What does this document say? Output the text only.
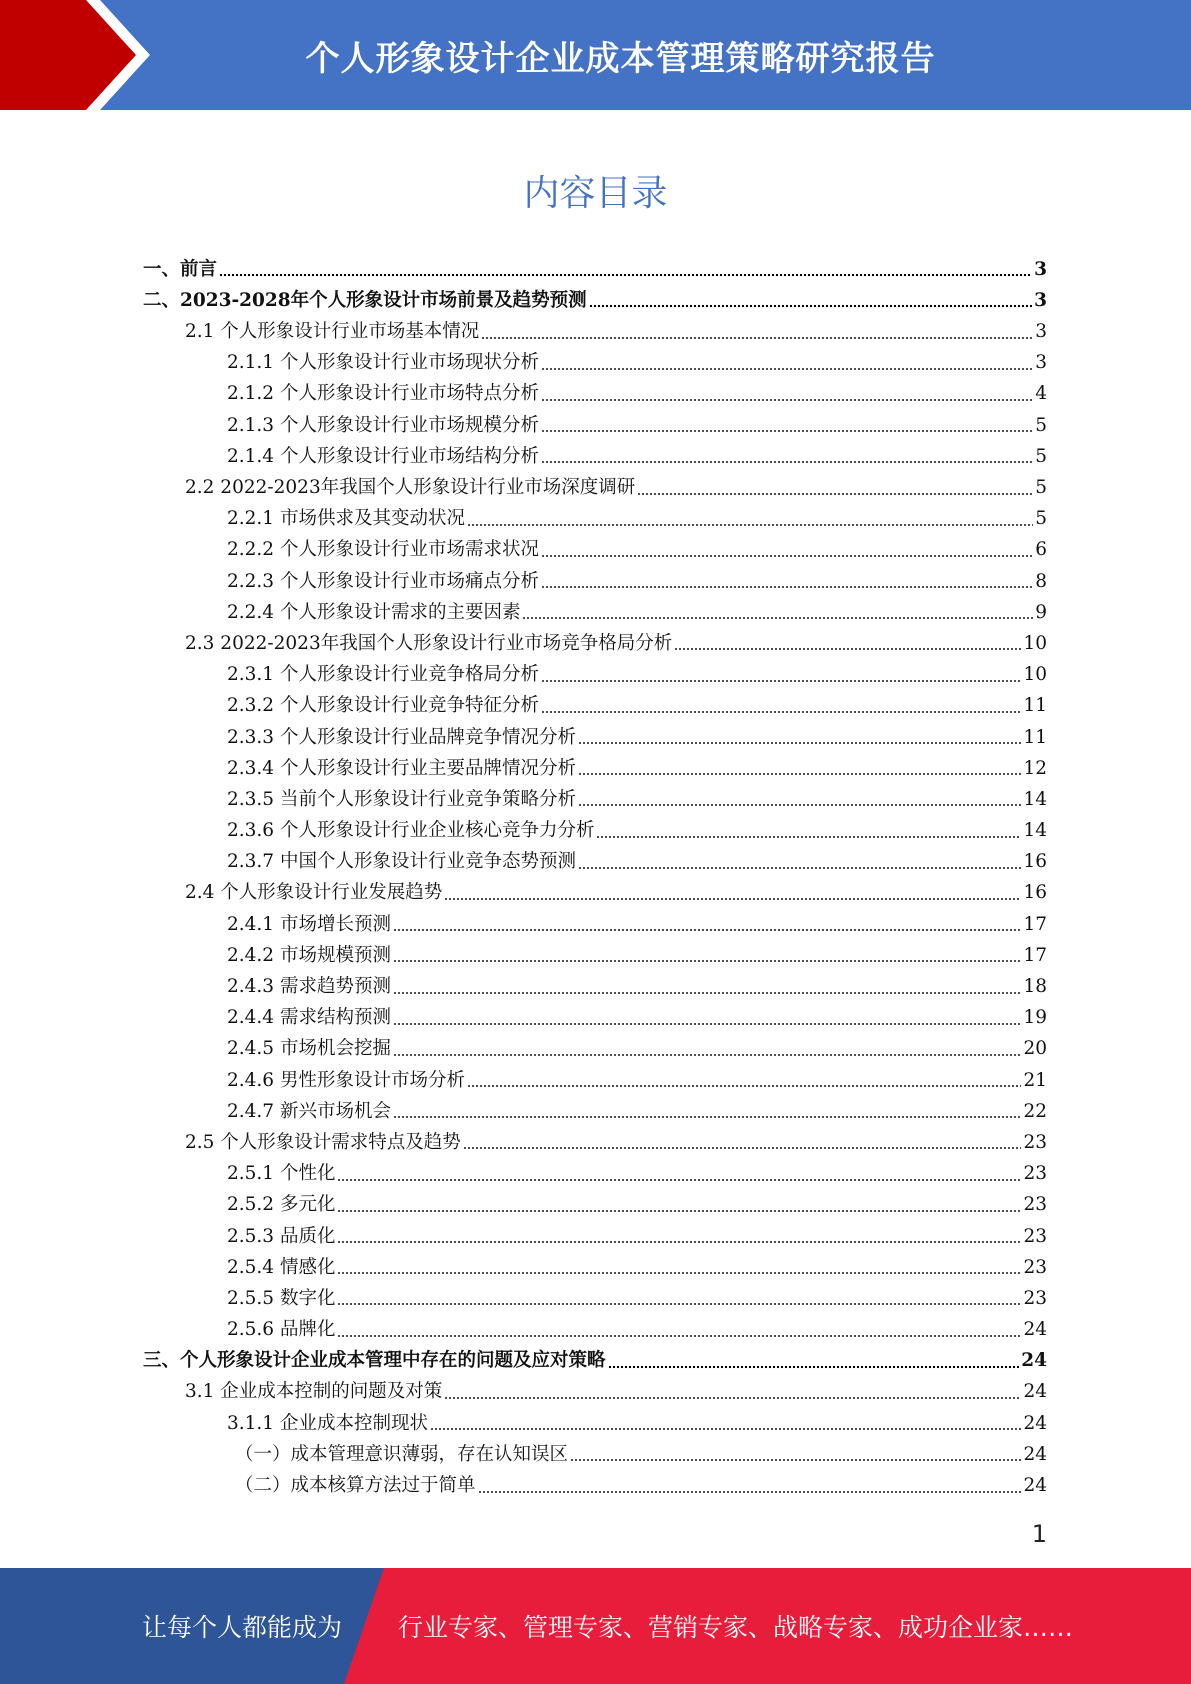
个人形象设计企业成本管理策略研究报告
内容目录
一、前言	3
二、2023-2028年个人形象设计市场前景及趋势预测	3
2.1 个人形象设计行业市场基本情况	3
2.1.1 个人形象设计行业市场现状分析	3
2.1.2 个人形象设计行业市场特点分析	4
2.1.3 个人形象设计行业市场规模分析	5
2.1.4 个人形象设计行业市场结构分析	5
2.2 2022-2023年我国个人形象设计行业市场深度调研	5
2.2.1 市场供求及其变动状况	5
2.2.2 个人形象设计行业市场需求状况	6
2.2.3 个人形象设计行业市场痛点分析	8
2.2.4 个人形象设计需求的主要因素	9
2.3 2022-2023年我国个人形象设计行业市场竞争格局分析	10
2.3.1 个人形象设计行业竞争格局分析	10
2.3.2 个人形象设计行业竞争特征分析	11
2.3.3 个人形象设计行业品牌竞争情况分析	11
2.3.4 个人形象设计行业主要品牌情况分析	12
2.3.5 当前个人形象设计行业竞争策略分析	14
2.3.6 个人形象设计行业企业核心竞争力分析	14
2.3.7 中国个人形象设计行业竞争态势预测	16
2.4 个人形象设计行业发展趋势	16
2.4.1 市场增长预测	17
2.4.2 市场规模预测	17
2.4.3 需求趋势预测	18
2.4.4 需求结构预测	19
2.4.5 市场机会挖掘	20
2.4.6 男性形象设计市场分析	21
2.4.7 新兴市场机会	22
2.5 个人形象设计需求特点及趋势	23
2.5.1 个性化	23
2.5.2 多元化	23
2.5.3 品质化	23
2.5.4 情感化	23
2.5.5 数字化	23
2.5.6 品牌化	24
三、个人形象设计企业成本管理中存在的问题及应对策略	24
3.1 企业成本控制的问题及对策	24
3.1.1 企业成本控制现状	24
（一）成本管理意识薄弱，存在认知误区	24
（二）成本核算方法过于简单	24
1
让每个人都能成为 行业专家、管理专家、营销专家、战略专家、成功企业家……
